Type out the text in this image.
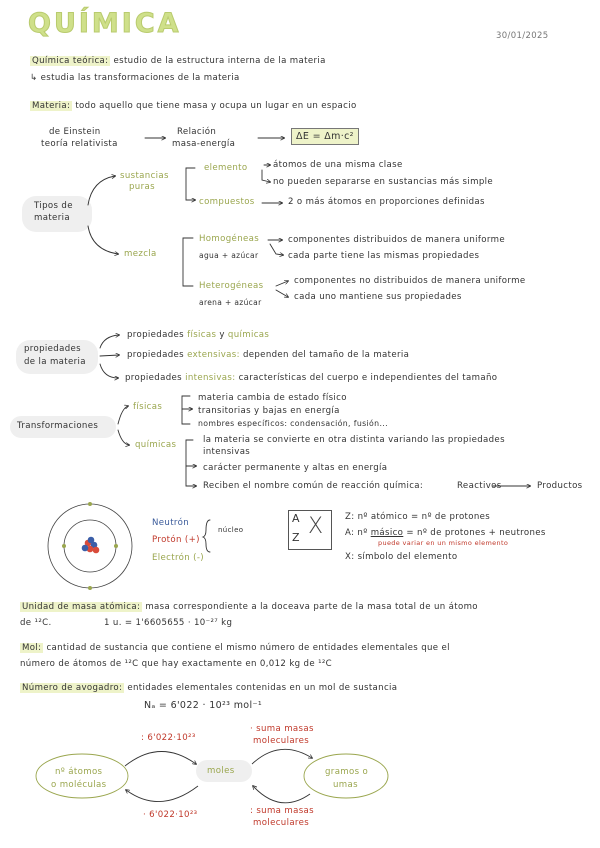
QUÍMICA	30/01/2025
Química teórica: estudio de la estructura interna de la materia
↳ estudia las transformaciones de la materia
Materia: todo aquello que tiene masa y ocupa un lugar en un espacio
de Einstein
teoría relativista
Relación
masa-energía
ΔE = Δm·c²
Tipos de
materia
sustancias
puras
elemento	átomos de una misma clase
no pueden separarse en sustancias más simple
compuestos	2 o más átomos en proporciones definidas
mezcla
Homogéneas
agua + azúcar
componentes distribuidos de manera uniforme
cada parte tiene las mismas propiedades
Heterogéneas
arena + azúcar
componentes no distribuidos de manera uniforme
cada uno mantiene sus propiedades
propiedades
de la materia
propiedades físicas y químicas
propiedades extensivas: dependen del tamaño de la materia
propiedades intensivas: características del cuerpo e independientes del tamaño
Transformaciones
físicas
materia cambia de estado físico
transitorias y bajas en energía
nombres específicos: condensación, fusión...
químicas	la materia se convierte en otra distinta variando las propiedades
intensivas
carácter permanente y altas en energía
Reciben el nombre común de reacción química:	Reactivos	Productos
Neutrón
Protón (+)
Electrón (-)
núcleo
A
Z X	Z: nº atómico = nº de protones
A: nº másico = nº de protones + neutrones
puede variar en un mismo elemento
X: símbolo del elemento
Unidad de masa atómica: masa correspondiente a la doceava parte de la masa total de un átomo
de ¹²C.	1 u. = 1'6605655 · 10⁻²⁷ kg
Mol: cantidad de sustancia que contiene el mismo número de entidades elementales que el
número de átomos de ¹²C que hay exactamente en 0,012 kg de ¹²C
Número de avogadro: entidades elementales contenidas en un mol de sustancia
Nₐ = 6'022 · 10²³ mol⁻¹
nº átomos
o moléculas
moles	gramos o
umas
: 6'022·10²³
· suma masas
moleculares
· 6'022·10²³	: suma masas
moleculares
